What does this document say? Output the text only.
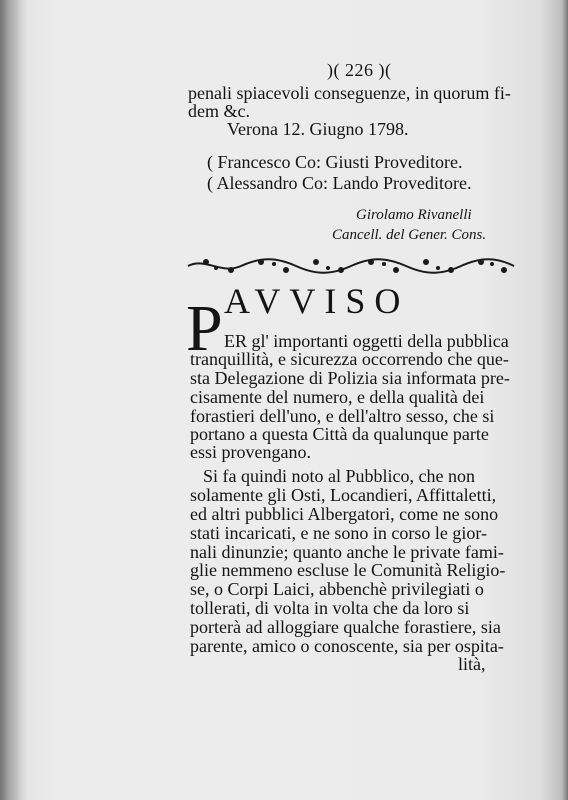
)( 226 )(
penali spiacevoli conseguenze, in quorum fi-
dem &c.
Verona 12. Giugno 1798.
( Francesco Co: Giusti Proveditore.
( Alessandro Co: Lando Proveditore.
Girolamo Rivanelli
Cancell. del Gener. Cons.
AVVISO
P ER gl' importanti oggetti della pubblica
tranquillità, e sicurezza occorrendo che que-
sta Delegazione di Polizia sia informata pre-
cisamente del numero, e della qualità dei
forastieri dell'uno, e dell'altro sesso, che si
portano a questa Città da qualunque parte
essi provengano.
Si fa quindi noto al Pubblico, che non
solamente gli Osti, Locandieri, Affittaletti,
ed altri pubblici Albergatori, come ne sono
stati incaricati, e ne sono in corso le gior-
nali dinunzie; quanto anche le private fami-
glie nemmeno escluse le Comunità Religio-
se, o Corpi Laici, abbenchè privilegiati o
tollerati, di volta in volta che da loro si
porterà ad alloggiare qualche forastiere, sia
parente, amico o conoscente, sia per ospita-
lità,
